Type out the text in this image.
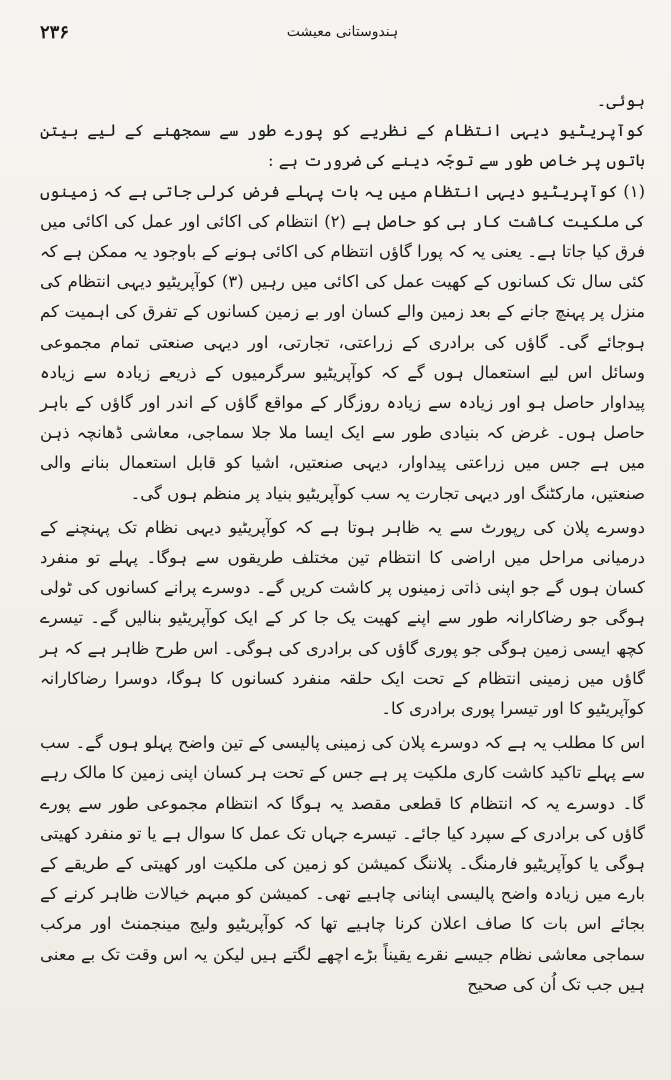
۲۳۶	ہندوستانی معیشت

ہوئی۔

کوآپریٹیو دیہی انتظام کے نظریے کو پورے طور سے سمجھنے کے لیے بیتن باتوں پر خاص طور سے توجّہ دینے کی ضرورت ہے :

(۱) کوآپریٹیو دیہی انتظام میں یہ بات پہلے فرض کرلی جاتی ہے کہ زمینوں کی ملکیت کاشت کار ہی کو حاصل ہے (۲) انتظام کی اکائی اور عمل کی اکائی میں فرق کیا جاتا ہے۔ یعنی یہ کہ پورا گاؤں انتظام کی اکائی ہونے کے باوجود یہ ممکن ہے کہ کئی سال تک کسانوں کے کھیت عمل کی اکائی میں رہیں (۳) کوآپریٹیو دیہی انتظام کی منزل پر پہنچ جانے کے بعد زمین والے کسان اور بے زمین کسانوں کے تفرق کی اہمیت کم ہوجائے گی۔ گاؤں کی برادری کے زراعتی، تجارتی، اور دیہی صنعتی تمام مجموعی وسائل اس لیے استعمال ہوں گے کہ کوآپریٹیو سرگرمیوں کے ذریعے زیادہ سے زیادہ پیداوار حاصل ہو اور زیادہ سے زیادہ روزگار کے مواقع گاؤں کے اندر اور گاؤں کے باہر حاصل ہوں۔ غرض کہ بنیادی طور سے ایک ایسا ملا جلا سماجی، معاشی ڈھانچہ ذہن میں ہے جس میں زراعتی پیداوار، دیہی صنعتیں، اشیا کو قابل استعمال بنانے والی صنعتیں، مارکٹنگ اور دیہی تجارت یہ سب کوآپریٹیو بنیاد پر منظم ہوں گی۔

دوسرے پلان کی رپورٹ سے یہ ظاہر ہوتا ہے کہ کوآپریٹیو دیہی نظام تک پہنچنے کے درمیانی مراحل میں اراضی کا انتظام تین مختلف طریقوں سے ہوگا۔ پہلے تو منفرد کسان ہوں گے جو اپنی ذاتی زمینوں پر کاشت کریں گے۔ دوسرے پرانے کسانوں کی ٹولی ہوگی جو رضاکارانہ طور سے اپنے کھیت یک جا کر کے ایک کوآپریٹیو بنالیں گے۔ تیسرے کچھ ایسی زمین ہوگی جو پوری گاؤں کی برادری کی ہوگی۔ اس طرح ظاہر ہے کہ ہر گاؤں میں زمینی انتظام کے تحت ایک حلقہ منفرد کسانوں کا ہوگا، دوسرا رضاکارانہ کوآپریٹیو کا اور تیسرا پوری برادری کا۔

اس کا مطلب یہ ہے کہ دوسرے پلان کی زمینی پالیسی کے تین واضح پہلو ہوں گے۔ سب سے پہلے تاکید کاشت کاری ملکیت پر ہے جس کے تحت ہر کسان اپنی زمین کا مالک رہے گا۔ دوسرے یہ کہ انتظام کا قطعی مقصد یہ ہوگا کہ انتظام مجموعی طور سے پورے گاؤں کی برادری کے سپرد کیا جائے۔ تیسرے جہاں تک عمل کا سوال ہے یا تو منفرد کھیتی ہوگی یا کوآپریٹیو فارمنگ۔ پلاننگ کمیشن کو زمین کی ملکیت اور کھیتی کے طریقے کے بارے میں زیادہ واضح پالیسی اپنانی چاہیے تھی۔ کمیشن کو مبہم خیالات ظاہر کرنے کے بجائے اس بات کا صاف اعلان کرنا چاہیے تھا کہ کوآپریٹیو ولیج مینجمنٹ اور مرکب سماجی معاشی نظام جیسے نقرے یقیناً بڑے اچھے لگتے ہیں لیکن یہ اس وقت تک بے معنی ہیں جب تک اُن کی صحیح
